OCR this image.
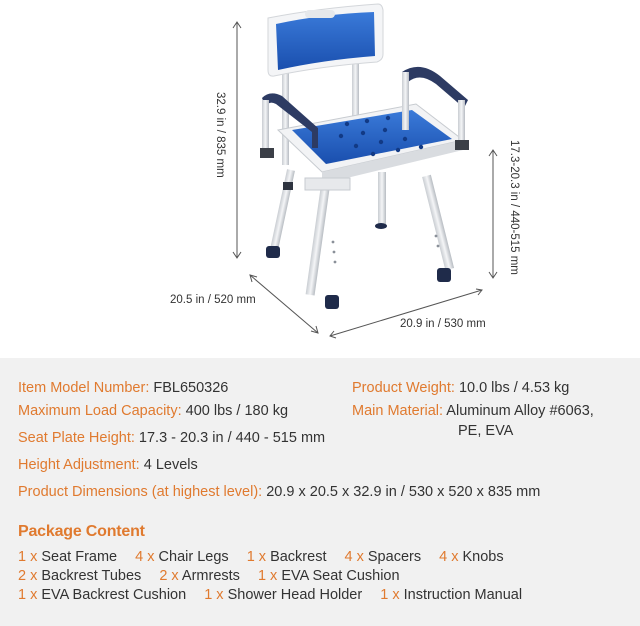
32.9 in / 835 mm
17.3-20.3 in / 440-515 mm
20.5 in / 520 mm
20.9 in / 530 mm
Item Model Number: FBL650326	Product Weight: 10.0 lbs / 4.53 kg
Maximum Load Capacity: 400 lbs / 180 kg	Main Material: Aluminum Alloy #6063,
PE, EVA
Seat Plate Height: 17.3 - 20.3 in / 440 - 515 mm
Height Adjustment: 4 Levels
Product Dimensions (at highest level): 20.9 x 20.5 x 32.9 in / 530 x 520 x 835 mm
Package Content
1 x Seat Frame 4 x Chair Legs 1 x Backrest 4 x Spacers 4 x Knobs
2 x Backrest Tubes 2 x Armrests 1 x EVA Seat Cushion
1 x EVA Backrest Cushion 1 x Shower Head Holder 1 x Instruction Manual
